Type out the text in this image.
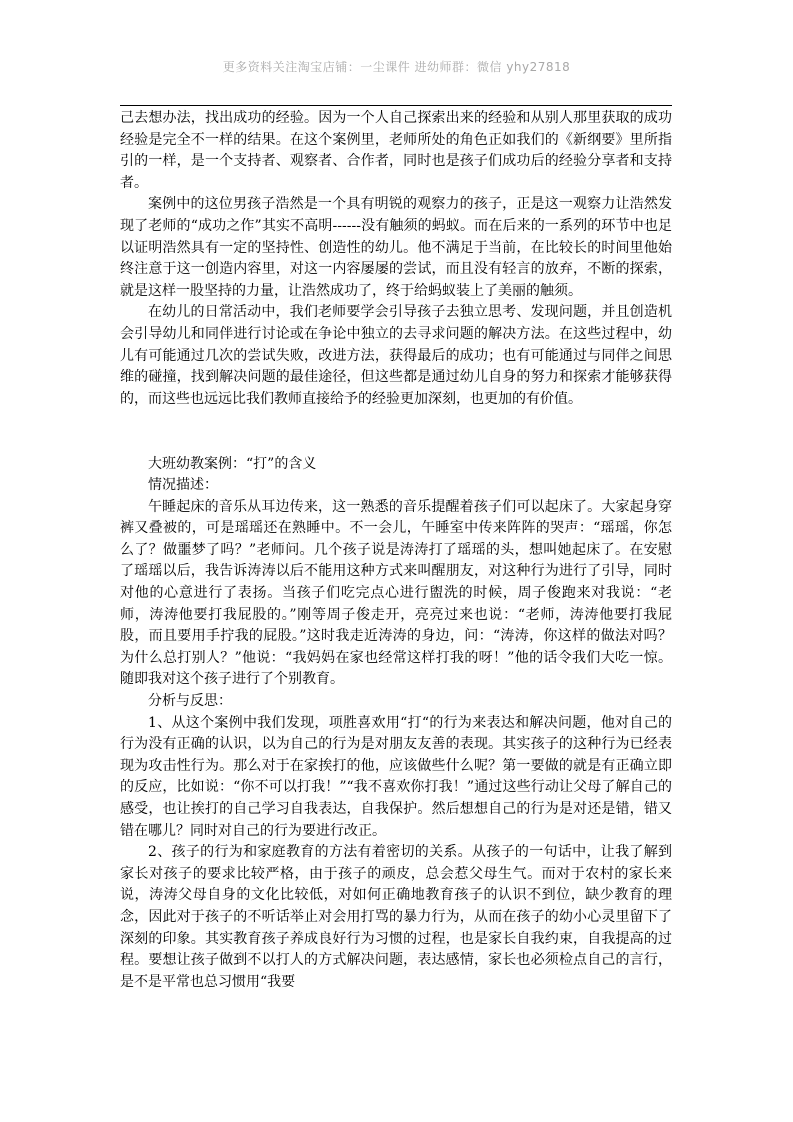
更多资料关注淘宝店铺：一尘课件 进幼师群：微信 yhy27818

己去想办法，找出成功的经验。因为一个人自己探索出来的经验和从别人那里获取的成功经验是完全不一样的结果。在这个案例里，老师所处的角色正如我们的《新纲要》里所指引的一样，是一个支持者、观察者、合作者，同时也是孩子们成功后的经验分享者和支持者。

案例中的这位男孩子浩然是一个具有明锐的观察力的孩子，正是这一观察力让浩然发现了老师的“成功之作”其实不高明------没有触须的蚂蚁。而在后来的一系列的环节中也足以证明浩然具有一定的坚持性、创造性的幼儿。他不满足于当前，在比较长的时间里他始终注意于这一创造内容里，对这一内容屡屡的尝试，而且没有轻言的放弃，不断的探索，就是这样一股坚持的力量，让浩然成功了，终于给蚂蚁装上了美丽的触须。

在幼儿的日常活动中，我们老师要学会引导孩子去独立思考、发现问题，并且创造机会引导幼儿和同伴进行讨论或在争论中独立的去寻求问题的解决方法。在这些过程中，幼儿有可能通过几次的尝试失败，改进方法，获得最后的成功；也有可能通过与同伴之间思维的碰撞，找到解决问题的最佳途径，但这些都是通过幼儿自身的努力和探索才能够获得的，而这些也远远比我们教师直接给予的经验更加深刻，也更加的有价值。

大班幼教案例：“打”的含义

情况描述：

午睡起床的音乐从耳边传来，这一熟悉的音乐提醒着孩子们可以起床了。大家起身穿裤又叠被的，可是瑶瑶还在熟睡中。不一会儿，午睡室中传来阵阵的哭声：“瑶瑶，你怎么了？做噩梦了吗？”老师问。几个孩子说是涛涛打了瑶瑶的头，想叫她起床了。在安慰了瑶瑶以后，我告诉涛涛以后不能用这种方式来叫醒朋友，对这种行为进行了引导，同时对他的心意进行了表扬。当孩子们吃完点心进行盥洗的时候，周子俊跑来对我说：“老师，涛涛他要打我屁股的。”刚等周子俊走开，亮亮过来也说：“老师，涛涛他要打我屁股，而且要用手拧我的屁股。”这时我走近涛涛的身边，问：“涛涛，你这样的做法对吗？为什么总打别人？”他说：“我妈妈在家也经常这样打我的呀！”他的话令我们大吃一惊。随即我对这个孩子进行了个别教育。

分析与反思：

1、从这个案例中我们发现，项胜喜欢用“打“的行为来表达和解决问题，他对自己的行为没有正确的认识，以为自己的行为是对朋友友善的表现。其实孩子的这种行为已经表现为攻击性行为。那么对于在家挨打的他，应该做些什么呢？第一要做的就是有正确立即的反应，比如说：“你不可以打我！”“我不喜欢你打我！”通过这些行动让父母了解自己的感受，也让挨打的自己学习自我表达，自我保护。然后想想自己的行为是对还是错，错又错在哪儿？同时对自己的行为要进行改正。

2、孩子的行为和家庭教育的方法有着密切的关系。从孩子的一句话中，让我了解到家长对孩子的要求比较严格，由于孩子的顽皮，总会惹父母生气。而对于农村的家长来说，涛涛父母自身的文化比较低，对如何正确地教育孩子的认识不到位，缺少教育的理念，因此对于孩子的不听话举止对会用打骂的暴力行为，从而在孩子的幼小心灵里留下了深刻的印象。其实教育孩子养成良好行为习惯的过程，也是家长自我约束，自我提高的过程。要想让孩子做到不以打人的方式解决问题，表达感情，家长也必须检点自己的言行，是不是平常也总习惯用“我要
